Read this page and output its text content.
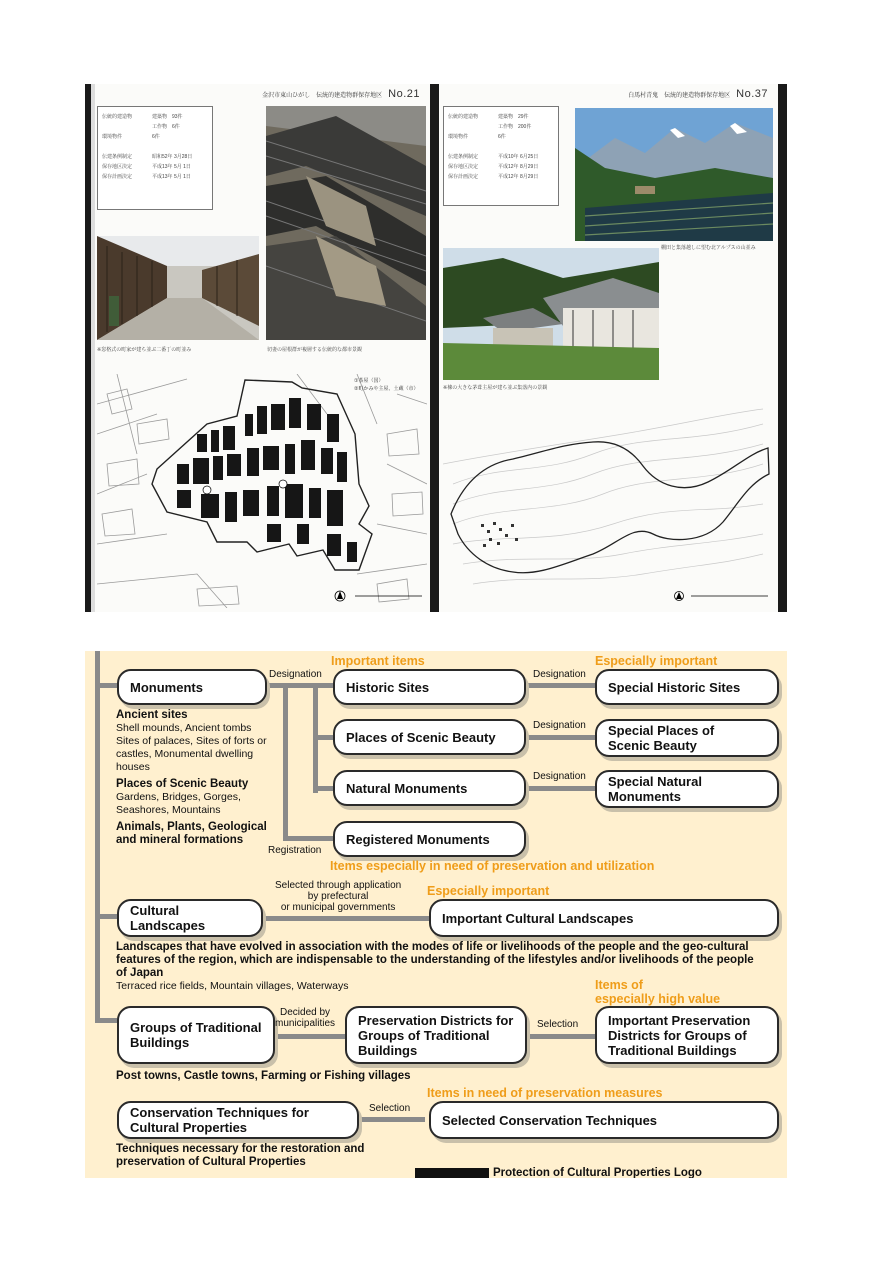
金沢市東山ひがし　伝統的建造物群保存地区 No.21
伝統的建造物	建築物　93件
工作物　6件
環境物件	6件
伝建条例制定	昭和52年 3月28日
保存地区決定	平成13年 5月 1日
保存計画決定	平成13年 5月 1日
※窓格式の町家が建ち並ぶ二番丁の町並み	切妻の屋根群が複層する伝統的な都市景観
①茶屋（国）
②町かみや主屋、土蔵（市）
白馬村青鬼　伝統的建造物群保存地区 No.37
伝統的建造物	建築物　29件
工作物　200件
環境物件	6件
伝建条例制定	平成10年 6月25日
保存地区決定	平成12年 8月29日
保存計画決定	平成12年 8月29日
棚田と集落越しに望む北アルプスの山並み
※棟の大きな茅葺主屋が建ち並ぶ集落内の景観
Monuments
Designation
Important items
Historic Sites
Designation
Especially important
Special Historic Sites
Places of Scenic Beauty
Designation	Special Places of Scenic Beauty
Natural Monuments
Designation	Special Natural Monuments
Registered Monuments
Registration
Items especially in need of preservation and utilization
Ancient sites
Shell mounds, Ancient tombs Sites of palaces, Sites of forts or castles, Monumental dwelling houses
Places of Scenic Beauty
Gardens, Bridges, Gorges, Seashores, Mountains
Animals, Plants, Geological and mineral formations
Cultural Landscapes
Selected through application
by prefectural
or municipal governments
Especially important
Important Cultural Landscapes
Landscapes that have evolved in association with the modes of life or livelihoods of the people and the geo-cultural features of the region, which are indispensable to the understanding of the lifestyles and/or livelihoods of the people of Japan
Terraced rice fields, Mountain villages, Waterways	Items of
especially high value
Groups of Traditional Buildings
Decided by
municipalities	Preservation Districts for Groups of Traditional Buildings
Selection	Important Preservation Districts for Groups of Traditional Buildings
Post towns, Castle towns, Farming or Fishing villages
Items in need of preservation measures
Conservation Techniques for Cultural Properties
Selection
Selected Conservation Techniques
Techniques necessary for the restoration and preservation of Cultural Properties
Protection of Cultural Properties Logo
